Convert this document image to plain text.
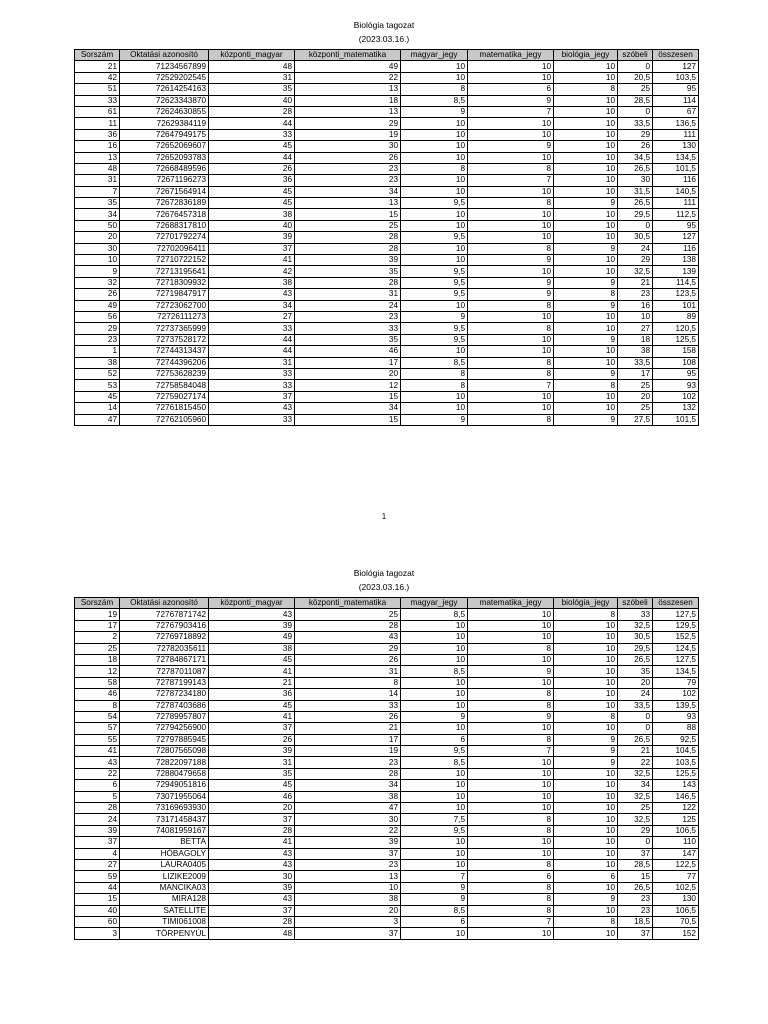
Biológia tagozat
(2023.03.16.)
Sorszám	Oktatási azonosító	központi_magyar	központi_matematika	magyar_jegy	matematika_jegy	biológia_jegy	szóbeli	összesen
21	71234567899	48	49	10	10	10	0	127
42	72529202545	31	22	10	10	10	20,5	103,5
51	72614254163	35	13	8	6	8	25	95
33	72623343870	40	18	8,5	9	10	28,5	114
61	72624630855	28	13	9	7	10	0	67
11	72629384119	44	29	10	10	10	33,5	136,5
36	72647949175	33	19	10	10	10	29	111
16	72652069607	45	30	10	9	10	26	130
13	72652093783	44	26	10	10	10	34,5	134,5
48	72668489596	26	23	8	8	10	26,5	101,5
31	72671196273	36	23	10	7	10	30	116
7	72671564914	45	34	10	10	10	31,5	140,5
35	72672836189	45	13	9,5	8	9	26,5	111
34	72676457318	38	15	10	10	10	29,5	112,5
50	72688317810	40	25	10	10	10	0	95
20	72701792274	39	28	9,5	10	10	30,5	127
30	72702096411	37	28	10	8	9	24	116
10	72710722152	41	39	10	9	10	29	138
9	72713195641	42	35	9,5	10	10	32,5	139
32	72718309932	38	28	9,5	9	9	21	114,5
26	72719847917	43	31	9,5	9	8	23	123,5
49	72723062700	34	24	10	8	9	16	101
56	72726111273	27	23	9	10	10	10	89
29	72737365999	33	33	9,5	8	10	27	120,5
23	72737528172	44	35	9,5	10	9	18	125,5
1	72744313437	44	46	10	10	10	38	158
38	72744396206	31	17	8,5	8	10	33,5	108
52	72753628239	33	20	8	8	9	17	95
53	72758584048	33	12	8	7	8	25	93
45	72759027174	37	15	10	10	10	20	102
14	72761815450	43	34	10	10	10	25	132
47	72762105960	33	15	9	8	9	27,5	101,5
1
Biológia tagozat
(2023.03.16.)
Sorszám	Oktatási azonosító	központi_magyar	központi_matematika	magyar_jegy	matematika_jegy	biológia_jegy	szóbeli	összesen
19	72767871742	43	25	8,5	10	8	33	127,5
17	72767903416	39	28	10	10	10	32,5	129,5
2	72769718892	49	43	10	10	10	30,5	152,5
25	72782035611	38	29	10	8	10	29,5	124,5
18	72784867171	45	26	10	10	10	26,5	127,5
12	72787011087	41	31	8,5	9	10	35	134,5
58	72787199143	21	8	10	10	10	20	79
46	72787234180	36	14	10	8	10	24	102
8	72787403686	45	33	10	8	10	33,5	139,5
54	72789957807	41	26	9	9	8	0	93
57	72794256900	37	21	10	10	10	0	88
55	72797885945	26	17	6	8	9	26,5	92,5
41	72807565098	39	19	9,5	7	9	21	104,5
43	72822097188	31	23	8,5	10	9	22	103,5
22	72880479658	35	28	10	10	10	32,5	125,5
6	72949051816	45	34	10	10	10	34	143
5	73071955064	46	38	10	10	10	32,5	146,5
28	73169693930	20	47	10	10	10	25	122
24	73171458437	37	30	7,5	8	10	32,5	125
39	74081959167	28	22	9,5	8	10	29	106,5
37	BETTA	41	39	10	10	10	0	110
4	HÓBAGOLY	43	37	10	10	10	37	147
27	LAURA0405	43	23	10	8	10	28,5	122,5
59	LIZIKE2009	30	13	7	6	6	15	77
44	MANCIKA03	39	10	9	8	10	26,5	102,5
15	MIRA128	43	38	9	8	9	23	130
40	SATELLITE	37	20	8,5	8	10	23	106,5
60	TIMI061008	28	3	6	7	8	18,5	70,5
3	TÖRPENYÚL	48	37	10	10	10	37	152
